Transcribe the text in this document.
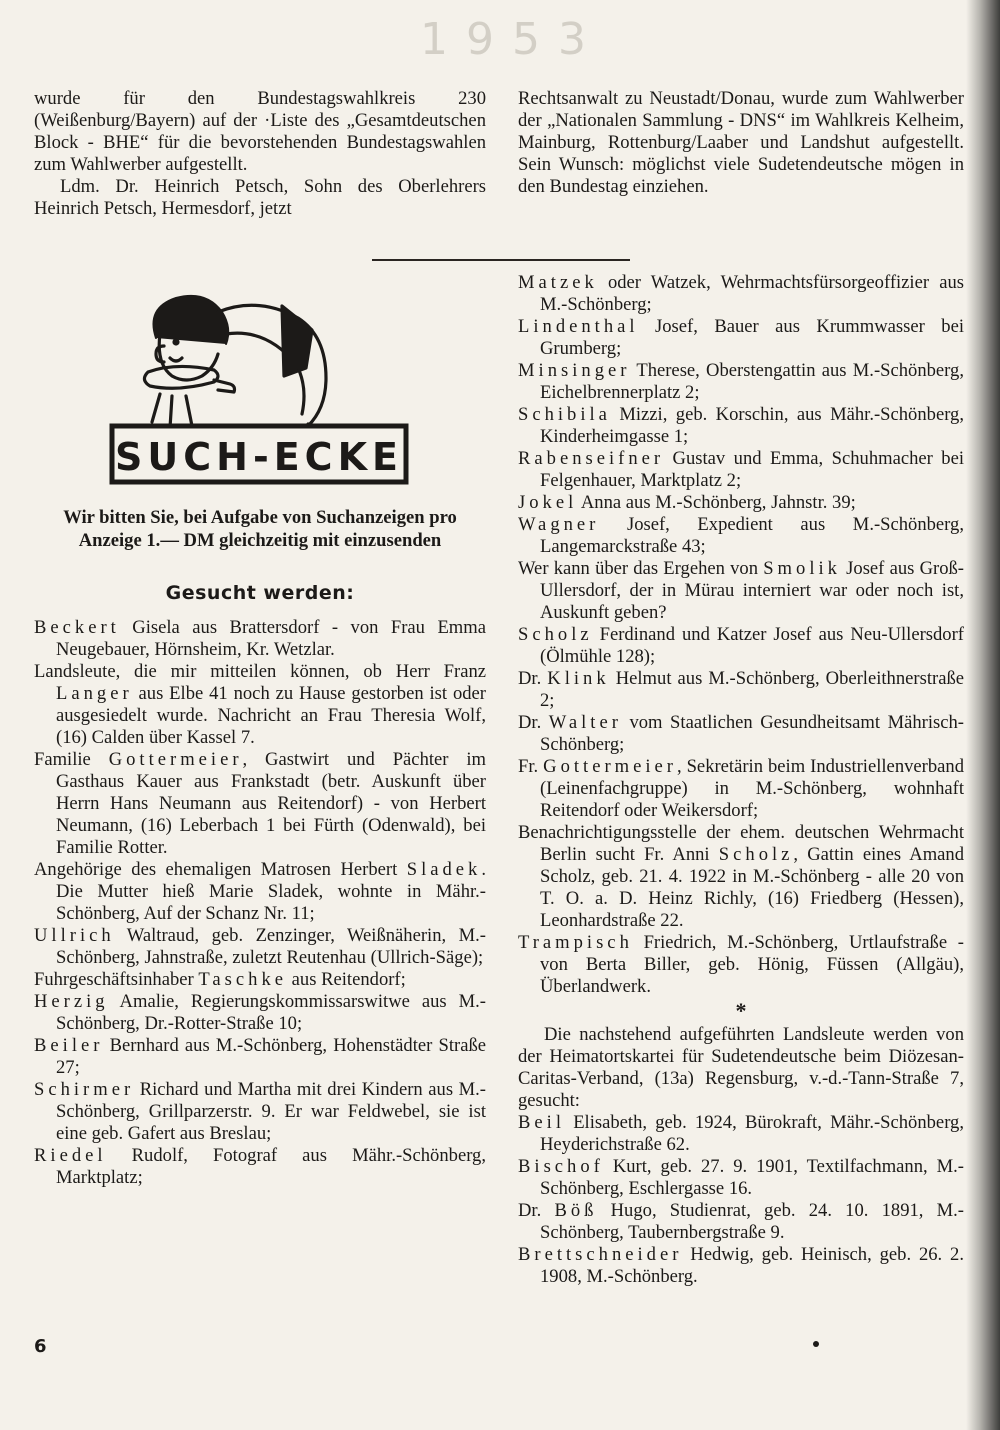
1953

wurde für den Bundestagswahlkreis 230 (Weißenburg/Bayern) auf der ·Liste des „Gesamtdeutschen Block - BHE“ für die bevorstehenden Bundestagswahlen zum Wahlwerber aufgestellt.

Ldm. Dr. Heinrich Petsch, Sohn des Oberlehrers Heinrich Petsch, Hermesdorf, jetzt

Rechtsanwalt zu Neustadt/Donau, wurde zum Wahlwerber der „Nationalen Sammlung - DNS“ im Wahlkreis Kelheim, Mainburg, Rottenburg/Laaber und Landshut aufgestellt. Sein Wunsch: möglichst viele Sudetendeutsche mögen in den Bundestag einziehen.

SUCH-ECKE
Wir bitten Sie, bei Aufgabe von Suchanzeigen pro Anzeige 1.— DM gleichzeitig mit einzusenden
Gesucht werden:

Beckert Gisela aus Brattersdorf - von Frau Emma Neugebauer, Hörnsheim, Kr. Wetzlar.

Landsleute, die mir mitteilen können, ob Herr Franz Langer aus Elbe 41 noch zu Hause gestorben ist oder ausgesiedelt wurde. Nachricht an Frau Theresia Wolf, (16) Calden über Kassel 7.

Familie Gottermeier, Gastwirt und Pächter im Gasthaus Kauer aus Frankstadt (betr. Auskunft über Herrn Hans Neumann aus Reitendorf) - von Herbert Neumann, (16) Leberbach 1 bei Fürth (Odenwald), bei Familie Rotter.

Angehörige des ehemaligen Matrosen Herbert Sladek. Die Mutter hieß Marie Sladek, wohnte in Mähr.-Schönberg, Auf der Schanz Nr. 11;

Ullrich Waltraud, geb. Zenzinger, Weißnäherin, M.-Schönberg, Jahnstraße, zuletzt Reutenhau (Ullrich-Säge);

Fuhrgeschäftsinhaber Taschke aus Reitendorf;

Herzig Amalie, Regierungskommissarswitwe aus M.-Schönberg, Dr.-Rotter-Straße 10;

Beiler Bernhard aus M.-Schönberg, Hohenstädter Straße 27;

Schirmer Richard und Martha mit drei Kindern aus M.-Schönberg, Grillparzerstr. 9. Er war Feldwebel, sie ist eine geb. Gafert aus Breslau;

Riedel Rudolf, Fotograf aus Mähr.-Schönberg, Marktplatz;

Matzek oder Watzek, Wehrmachtsfürsorgeoffizier aus M.-Schönberg;

Lindenthal Josef, Bauer aus Krummwasser bei Grumberg;

Minsinger Therese, Oberstengattin aus M.-Schönberg, Eichelbrennerplatz 2;

Schibila Mizzi, geb. Korschin, aus Mähr.-Schönberg, Kinderheimgasse 1;

Rabenseifner Gustav und Emma, Schuhmacher bei Felgenhauer, Marktplatz 2;

Jokel Anna aus M.-Schönberg, Jahnstr. 39;

Wagner Josef, Expedient aus M.-Schönberg, Langemarckstraße 43;

Wer kann über das Ergehen von Smolik Josef aus Groß-Ullersdorf, der in Mürau interniert war oder noch ist, Auskunft geben?

Scholz Ferdinand und Katzer Josef aus Neu-Ullersdorf (Ölmühle 128);

Dr. Klink Helmut aus M.-Schönberg, Oberleithnerstraße 2;

Dr. Walter vom Staatlichen Gesundheitsamt Mährisch-Schönberg;

Fr. Gottermeier, Sekretärin beim Industriellenverband (Leinenfachgruppe) in M.-Schönberg, wohnhaft Reitendorf oder Weikersdorf;

Benachrichtigungsstelle der ehem. deutschen Wehrmacht Berlin sucht Fr. Anni Scholz, Gattin eines Amand Scholz, geb. 21. 4. 1922 in M.-Schönberg - alle 20 von T. O. a. D. Heinz Richly, (16) Friedberg (Hessen), Leonhardstraße 22.

Trampisch Friedrich, M.-Schönberg, Urtlaufstraße - von Berta Biller, geb. Hönig, Füssen (Allgäu), Überlandwerk.

*

Die nachstehend aufgeführten Landsleute werden von der Heimatortskartei für Sudetendeutsche beim Diözesan-Caritas-Verband, (13a) Regensburg, v.-d.-Tann-Straße 7, gesucht:

Beil Elisabeth, geb. 1924, Bürokraft, Mähr.-Schönberg, Heyderichstraße 62.

Bischof Kurt, geb. 27. 9. 1901, Textilfachmann, M.-Schönberg, Eschlergasse 16.

Dr. Böß Hugo, Studienrat, geb. 24. 10. 1891, M.-Schönberg, Taubernbergstraße 9.

Brettschneider Hedwig, geb. Heinisch, geb. 26. 2. 1908, M.-Schönberg.

6
